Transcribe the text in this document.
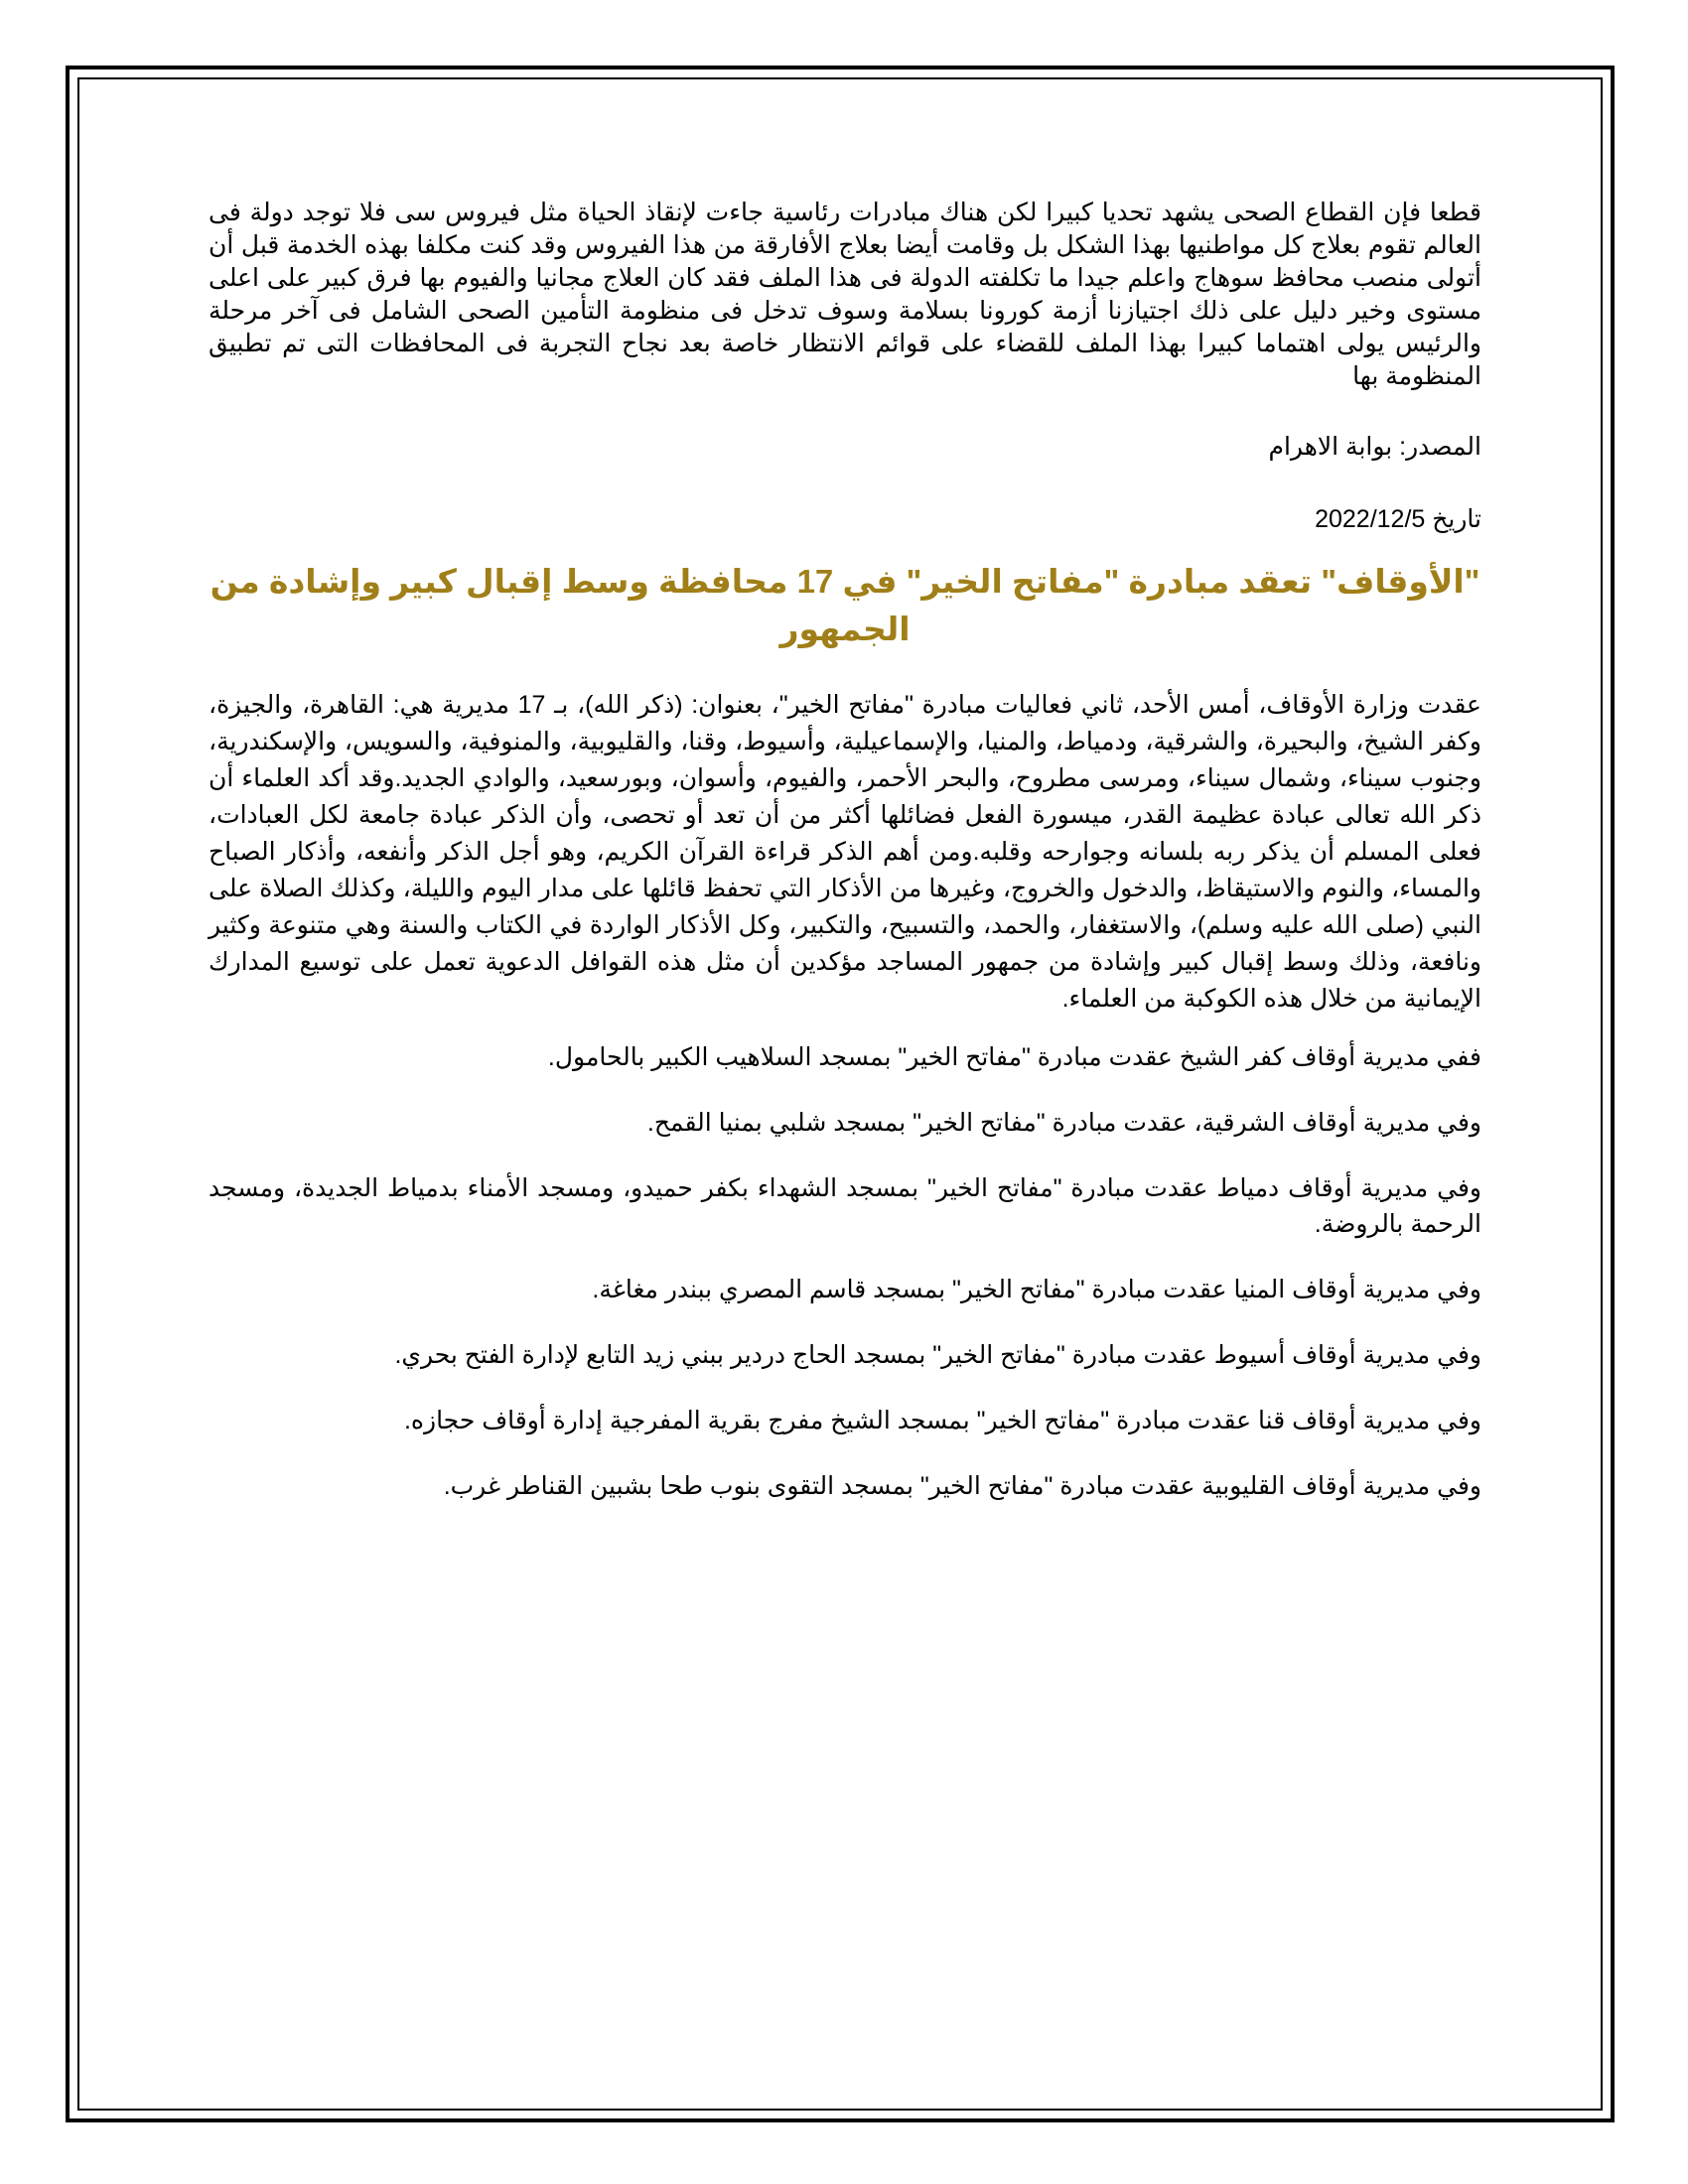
قطعا فإن القطاع الصحى يشهد تحديا كبيرا لكن هناك مبادرات رئاسية جاءت لإنقاذ الحياة مثل فيروس سى فلا توجد دولة فى العالم تقوم بعلاج كل مواطنيها بهذا الشكل بل وقامت أيضا بعلاج الأفارقة من هذا الفيروس وقد كنت مكلفا بهذه الخدمة قبل أن أتولى منصب محافظ سوهاج واعلم جيدا ما تكلفته الدولة فى هذا الملف فقد كان العلاج مجانيا والفيوم بها فرق كبير على اعلى مستوى وخير دليل على ذلك اجتيازنا أزمة كورونا بسلامة وسوف تدخل فى منظومة التأمين الصحى الشامل فى آخر مرحلة والرئيس يولى اهتماما كبيرا بهذا الملف للقضاء على قوائم الانتظار خاصة بعد نجاح التجربة فى المحافظات التى تم تطبيق المنظومة بها

المصدر: بوابة الاهرام

تاريخ 2022/12/5

"الأوقاف" تعقد مبادرة "مفاتح الخير" في 17 محافظة وسط إقبال كبير وإشادة من الجمهور

عقدت وزارة الأوقاف، أمس الأحد، ثاني فعاليات مبادرة "مفاتح الخير"، بعنوان: (ذكر الله)، بـ 17 مديرية هي: القاهرة، والجيزة، وكفر الشيخ، والبحيرة، والشرقية، ودمياط، والمنيا، والإسماعيلية، وأسيوط، وقنا، والقليوبية، والمنوفية، والسويس، والإسكندرية، وجنوب سيناء، وشمال سيناء، ومرسى مطروح، والبحر الأحمر، والفيوم، وأسوان، وبورسعيد، والوادي الجديد.وقد أكد العلماء أن ذكر الله تعالى عبادة عظيمة القدر، ميسورة الفعل فضائلها أكثر من أن تعد أو تحصى، وأن الذكر عبادة جامعة لكل العبادات، فعلى المسلم أن يذكر ربه بلسانه وجوارحه وقلبه.ومن أهم الذكر قراءة القرآن الكريم، وهو أجل الذكر وأنفعه، وأذكار الصباح والمساء، والنوم والاستيقاظ، والدخول والخروج، وغيرها من الأذكار التي تحفظ قائلها على مدار اليوم والليلة، وكذلك الصلاة على النبي (صلى الله عليه وسلم)، والاستغفار، والحمد، والتسبيح، والتكبير، وكل الأذكار الواردة في الكتاب والسنة وهي متنوعة وكثير ونافعة، وذلك وسط إقبال كبير وإشادة من جمهور المساجد مؤكدين أن مثل هذه القوافل الدعوية تعمل على توسيع المدارك الإيمانية من خلال هذه الكوكبة من العلماء.

ففي مديرية أوقاف كفر الشيخ عقدت مبادرة "مفاتح الخير" بمسجد السلاهيب الكبير بالحامول.

وفي مديرية أوقاف الشرقية، عقدت مبادرة "مفاتح الخير" بمسجد شلبي بمنيا القمح.

وفي مديرية أوقاف دمياط عقدت مبادرة "مفاتح الخير" بمسجد الشهداء بكفر حميدو، ومسجد الأمناء بدمياط الجديدة، ومسجد الرحمة بالروضة.

وفي مديرية أوقاف المنيا عقدت مبادرة "مفاتح الخير" بمسجد قاسم المصري ببندر مغاغة.

وفي مديرية أوقاف أسيوط عقدت مبادرة "مفاتح الخير" بمسجد الحاج دردير ببني زيد التابع لإدارة الفتح بحري.

وفي مديرية أوقاف قنا عقدت مبادرة "مفاتح الخير" بمسجد الشيخ مفرج بقرية المفرجية إدارة أوقاف حجازه.

وفي مديرية أوقاف القليوبية عقدت مبادرة "مفاتح الخير" بمسجد التقوى بنوب طحا بشبين القناطر غرب.
